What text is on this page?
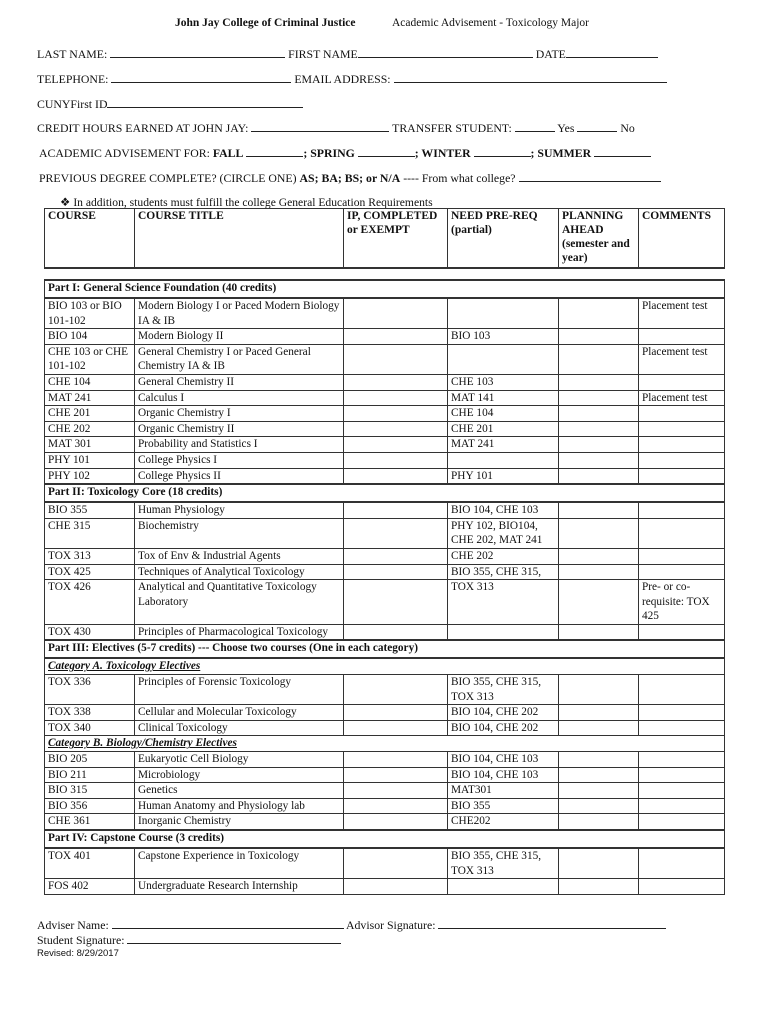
John Jay College of Criminal Justice	Academic Advisement - Toxicology Major
LAST NAME:	FIRST NAME	DATE
TELEPHONE:	EMAIL ADDRESS:
CUNYFirst ID
CREDIT HOURS EARNED AT JOHN JAY:	TRANSFER STUDENT:	Yes	No
ACADEMIC ADVISEMENT FOR: FALL	; SPRING	; WINTER	; SUMMER
PREVIOUS DEGREE COMPLETE? (CIRCLE ONE) AS; BA; BS; or N/A ---- From what college?
❖ In addition, students must fulfill the college General Education Requirements
COURSE	COURSE TITLE	IP, COMPLETED or EXEMPT	NEED PRE-REQ (partial)	PLANNING AHEAD (semester and year)	COMMENTS

Part I: General Science Foundation (40 credits)					
BIO 103 or BIO 101-102	Modern Biology I or Paced Modern Biology IA & IB				Placement test
BIO 104	Modern Biology II		BIO 103		
CHE 103 or CHE 101-102	General Chemistry I or Paced General Chemistry IA & IB				Placement test
CHE 104	General Chemistry II		CHE 103		
MAT 241	Calculus I		MAT 141		Placement test
CHE 201	Organic Chemistry I		CHE 104		
CHE 202	Organic Chemistry II		CHE 201		
MAT 301	Probability and Statistics I		MAT 241		
PHY 101	College Physics I				
PHY 102	College Physics II		PHY 101		
Part II: Toxicology Core (18 credits)					
BIO 355	Human Physiology		BIO 104, CHE 103		
CHE 315	Biochemistry		PHY 102, BIO104, CHE 202, MAT 241		
TOX 313	Tox of Env & Industrial Agents		CHE 202		
TOX 425	Techniques of Analytical Toxicology		BIO 355, CHE 315,		
TOX 426	Analytical and Quantitative Toxicology Laboratory		TOX 313		Pre- or co-requisite: TOX 425
TOX 430	Principles of Pharmacological Toxicology				
Part III: Electives (5-7 credits) --- Choose two courses (One in each category)					
Category A. Toxicology Electives					
TOX 336	Principles of Forensic Toxicology		BIO 355, CHE 315, TOX 313		
TOX 338	Cellular and Molecular Toxicology		BIO 104, CHE 202		
TOX 340	Clinical Toxicology		BIO 104, CHE 202		
Category B. Biology/Chemistry Electives					
BIO 205	Eukaryotic Cell Biology		BIO 104, CHE 103		
BIO 211	Microbiology		BIO 104, CHE 103		
BIO 315	Genetics		MAT301		
BIO 356	Human Anatomy and Physiology lab		BIO 355		
CHE 361	Inorganic Chemistry		CHE202		
Part IV: Capstone Course (3 credits)					
TOX 401	Capstone Experience in Toxicology		BIO 355, CHE 315, TOX 313		
FOS 402	Undergraduate Research Internship				
Adviser Name:	Advisor Signature:
Student Signature:
Revised: 8/29/2017
